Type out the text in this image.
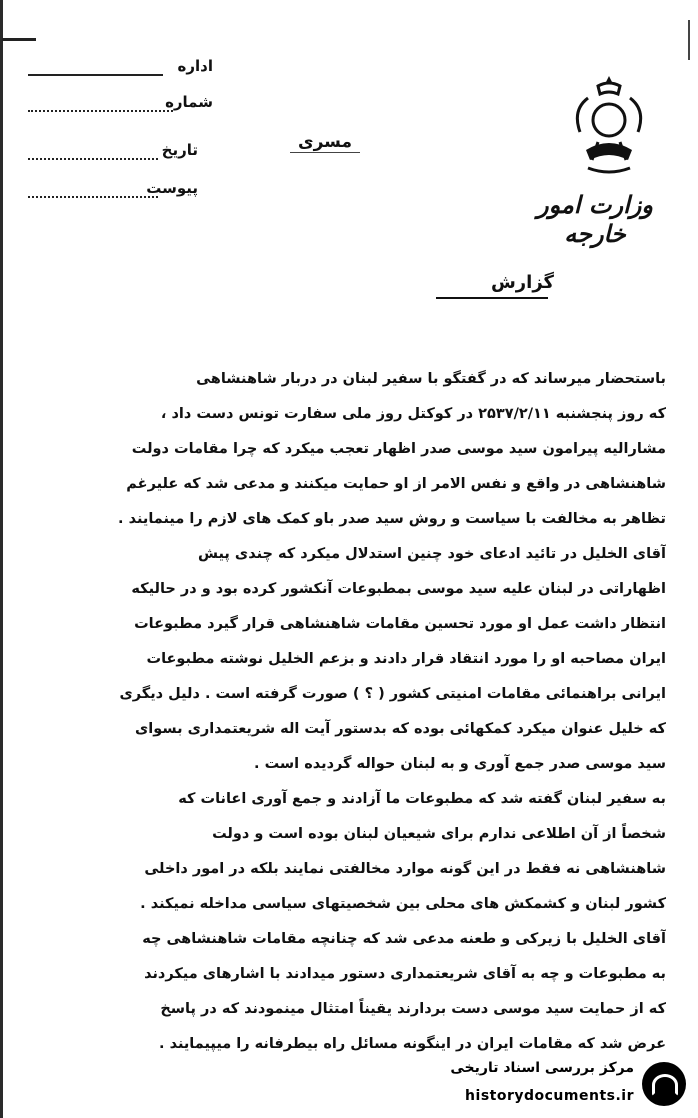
اداره
شماره
تاریخ
پیوست
مسری
وزارت امور خارجه
گزارش
باستحضار میرساند که در گفتگو با سفیر لبنان در دربار شاهنشاهی
که روز پنجشنبه ۲۵۳۷/۲/۱۱ در کوکتل روز ملی سفارت تونس دست داد ،
مشارالیه پیرامون سید موسی صدر اظهار تعجب میکرد که چرا مقامات دولت
شاهنشاهی در واقع و نفس الامر از او حمایت میکنند و مدعی شد که علیرغم
تظاهر به مخالفت با سیاست و روش سید صدر باو کمک های لازم را مینمایند .
آقای الخلیل در تائید ادعای خود چنین استدلال میکرد که چندی پیش
اظهاراتی در لبنان علیه سید موسی بمطبوعات آنکشور کرده بود و در حالیکه
انتظار داشت عمل او مورد تحسین مقامات شاهنشاهی قرار گیرد مطبوعات
ایران مصاحبه او را مورد انتقاد قرار دادند و بزعم الخلیل نوشته مطبوعات
ایرانی براهنمائی مقامات امنیتی کشور ( ؟ ) صورت گرفته است . دلیل دیگری
که خلیل عنوان میکرد کمکهائی بوده که بدستور آیت اله شریعتمداری بسوای
سید موسی صدر جمع آوری و به لبنان حواله گردیده است .
به سفیر لبنان گفته شد که مطبوعات ما آزادند و جمع آوری اعانات که
شخصاً از آن اطلاعی ندارم برای شیعیان لبنان بوده است و دولت
شاهنشاهی نه فقط در این گونه موارد مخالفتی نمایند بلکه در امور داخلی
کشور لبنان و کشمکش های محلی بین شخصیتهای سیاسی مداخله نمیکند .
آقای الخلیل با زیرکی و طعنه مدعی شد که چنانچه مقامات شاهنشاهی چه
به مطبوعات و چه به آقای شریعتمداری دستور میدادند با اشارهای میکردند
که از حمایت سید موسی دست بردارند یقیناً امتثال مینمودند که در پاسخ
عرض شد که مقامات ایران در اینگونه مسائل راه بیطرفانه را میپیمایند .
مرکز بررسی اسناد تاریخی
historydocuments.ir
